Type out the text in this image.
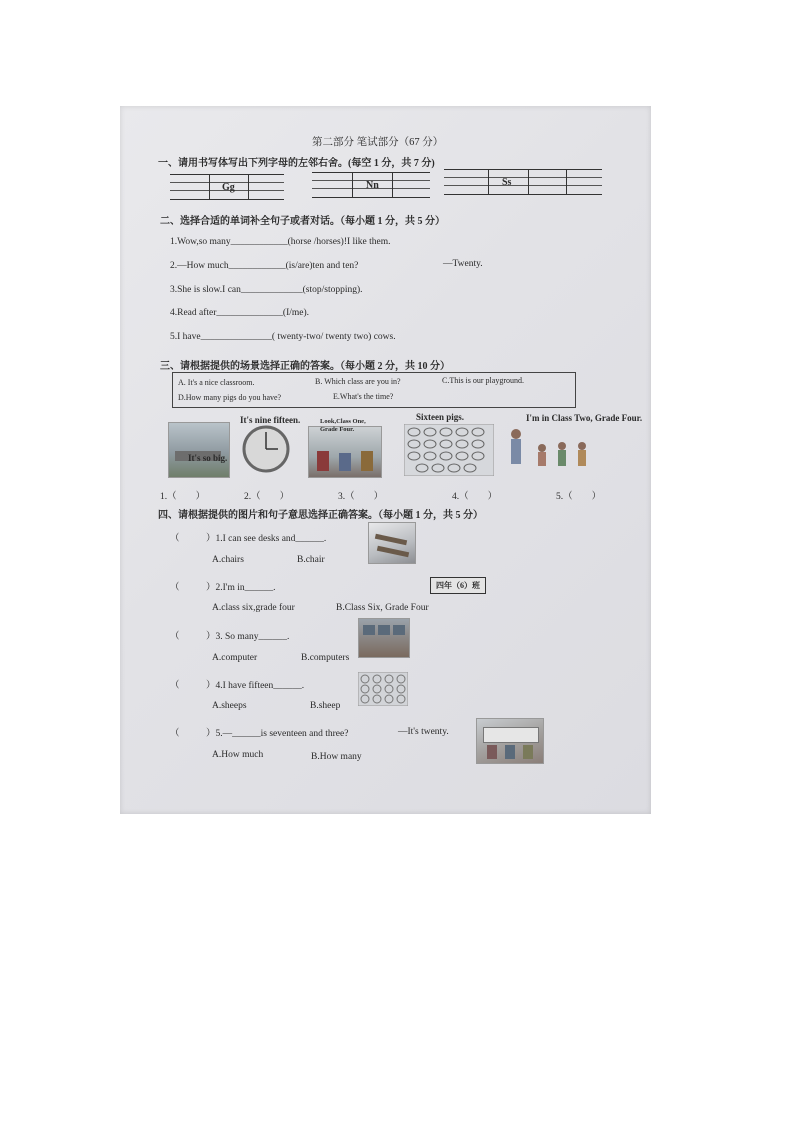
第二部分 笔试部分（67 分）
一、请用书写体写出下列字母的左邻右舍。(每空 1 分，共 7 分)
Gg	Nn	Ss
二、选择合适的单词补全句子或者对话。（每小题 1 分，共 5 分）
1.Wow,so many____________(horse /horses)!I like them.
2.—How much____________(is/are)ten and ten?	—Twenty.
3.She is slow.I can_____________(stop/stopping).
4.Read after______________(I/me).
5.I have_______________( twenty-two/ twenty two) cows.
三、请根据提供的场景选择正确的答案。（每小题 2 分，共 10 分）
A. It's a nice classroom.	B. Which class are you in?	C.This is our playground.
D.How many pigs do you have?	E.What's the time?
It's so big.
It's nine fifteen.	Look,Class One, Grade Four.
Sixteen pigs.	I'm in Class Two, Grade Four.
1.（　　）	2.（　　）	3.（　　）	4.（　　）	5.（　　）
四、请根据提供的图片和句子意思选择正确答案。（每小题 1 分，共 5 分）
（	）1.I can see desks and______.
A.chairs	B.chair
（	）2.I'm in______.	四年（6）班
A.class six,grade four	B.Class Six, Grade Four
（	）3. So many______.
A.computer	B.computers
（	）4.I have fifteen______.
A.sheeps	B.sheep
（	）5.—______is seventeen and three?	—It's twenty.
A.How much	B.How many
